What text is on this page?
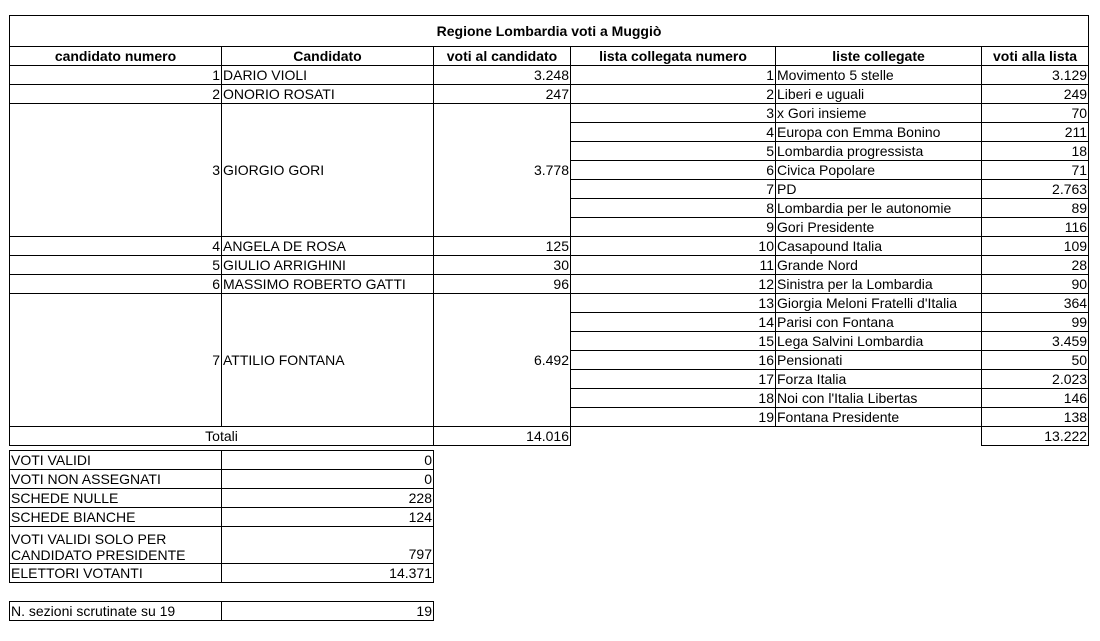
Regione Lombardia voti a Muggiò					
candidato numero	Candidato	voti al candidato	lista collegata numero	liste collegate	voti alla lista
1	DARIO VIOLI	3.248	1	Movimento 5 stelle	3.129
2	ONORIO ROSATI	247	2	Liberi e uguali	249
3	GIORGIO GORI	3.778	3	x Gori insieme	70
			4	Europa con Emma Bonino	211
			5	Lombardia progressista	18
			6	Civica Popolare	71
			7	PD	2.763
			8	Lombardia per le autonomie	89
			9	Gori Presidente	116
4	ANGELA DE ROSA	125	10	Casapound Italia	109
5	GIULIO ARRIGHINI	30	11	Grande Nord	28
6	MASSIMO ROBERTO GATTI	96	12	Sinistra per la Lombardia	90
7	ATTILIO FONTANA	6.492	13	Giorgia Meloni Fratelli d'Italia	364
			14	Parisi con Fontana	99
			15	Lega Salvini Lombardia	3.459
			16	Pensionati	50
			17	Forza Italia	2.023
			18	Noi con l'Italia Libertas	146
			19	Fontana Presidente	138
Totali		14.016			13.222
VOTI VALIDI	0
VOTI NON ASSEGNATI	0
SCHEDE NULLE	228
SCHEDE BIANCHE	124
VOTI VALIDI SOLO PER CANDIDATO PRESIDENTE	797
ELETTORI VOTANTI	14.371
N. sezioni scrutinate su 19	19
